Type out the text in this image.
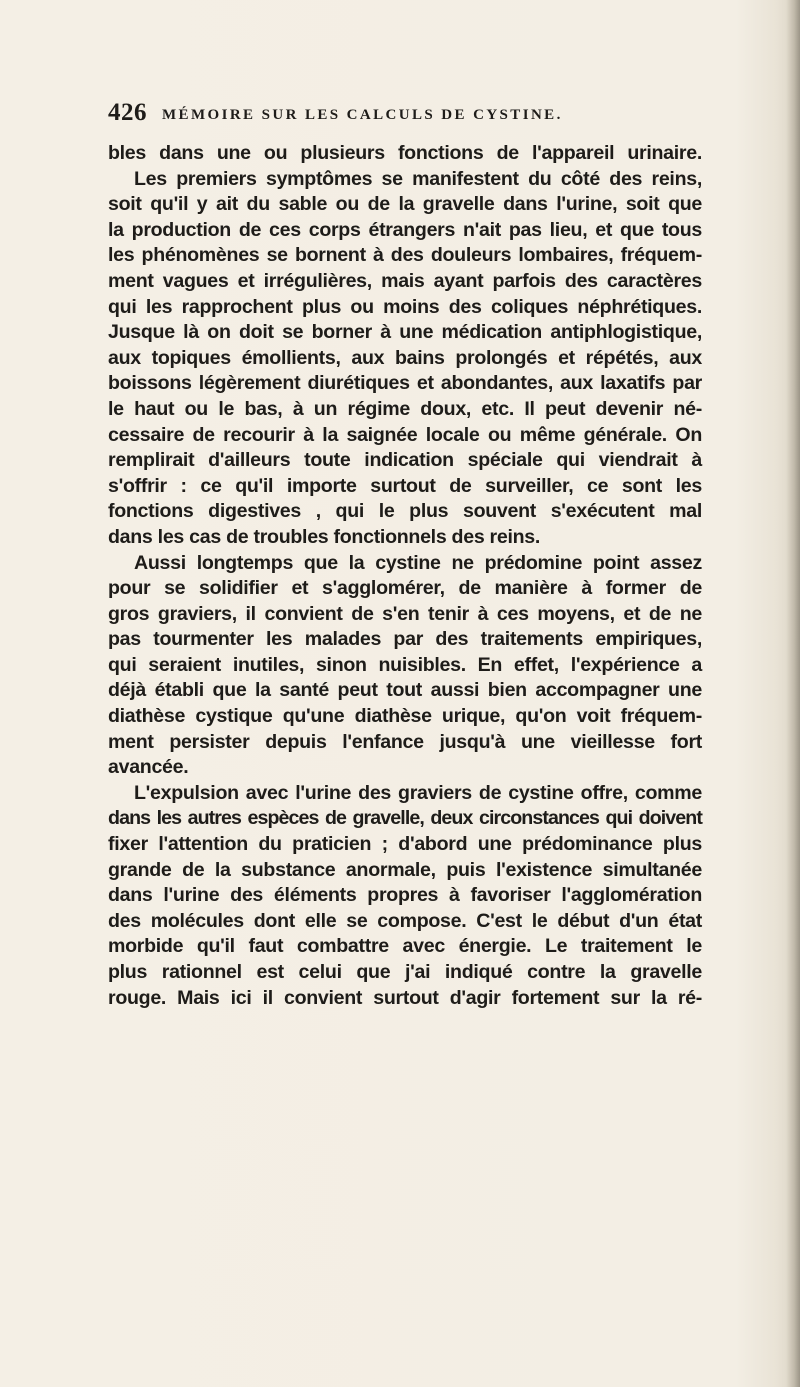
426 MÉMOIRE SUR LES CALCULS DE CYSTINE.
bles dans une ou plusieurs fonctions de l'appareil urinaire.
Les premiers symptômes se manifestent du côté des reins,
soit qu'il y ait du sable ou de la gravelle dans l'urine, soit que
la production de ces corps étrangers n'ait pas lieu, et que tous
les phénomènes se bornent à des douleurs lombaires, fréquem-
ment vagues et irrégulières, mais ayant parfois des caractères
qui les rapprochent plus ou moins des coliques néphrétiques.
Jusque là on doit se borner à une médication antiphlogistique,
aux topiques émollients, aux bains prolongés et répétés, aux
boissons légèrement diurétiques et abondantes, aux laxatifs par
le haut ou le bas, à un régime doux, etc. Il peut devenir né-
cessaire de recourir à la saignée locale ou même générale. On
remplirait d'ailleurs toute indication spéciale qui viendrait à
s'offrir : ce qu'il importe surtout de surveiller, ce sont les
fonctions digestives , qui le plus souvent s'exécutent mal
dans les cas de troubles fonctionnels des reins.
Aussi longtemps que la cystine ne prédomine point assez
pour se solidifier et s'agglomérer, de manière à former de
gros graviers, il convient de s'en tenir à ces moyens, et de ne
pas tourmenter les malades par des traitements empiriques,
qui seraient inutiles, sinon nuisibles. En effet, l'expérience a
déjà établi que la santé peut tout aussi bien accompagner une
diathèse cystique qu'une diathèse urique, qu'on voit fréquem-
ment persister depuis l'enfance jusqu'à une vieillesse fort
avancée.
L'expulsion avec l'urine des graviers de cystine offre, comme
dans les autres espèces de gravelle, deux circonstances qui doivent
fixer l'attention du praticien ; d'abord une prédominance plus
grande de la substance anormale, puis l'existence simultanée
dans l'urine des éléments propres à favoriser l'agglomération
des molécules dont elle se compose. C'est le début d'un état
morbide qu'il faut combattre avec énergie. Le traitement le
plus rationnel est celui que j'ai indiqué contre la gravelle
rouge. Mais ici il convient surtout d'agir fortement sur la ré-
